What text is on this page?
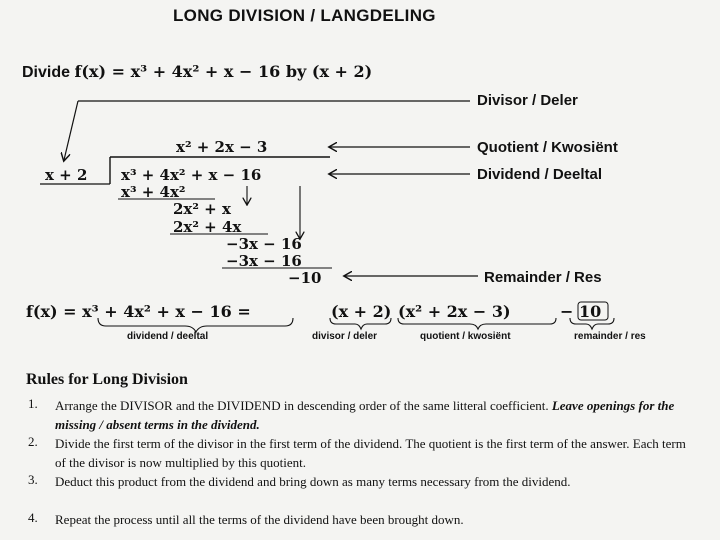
LONG DIVISION / LANGDELING
Divide f(x) = x³ + 4x² + x − 16 by (x + 2)
Divisor / Deler
Quotient / Kwosiënt
Dividend / Deeltal
Remainder / Res
x² + 2x − 3
x + 2 x³ + 4x² + x − 16
x³ + 4x²
2x² + x
2x² + 4x
−3x − 16
−3x − 16
−10
f(x) = x³ + 4x² + x − 16 =	(x + 2) (x² + 2x − 3)	− 10
dividend / deeltal	divisor / deler	quotient / kwosiënt	remainder / res
Rules for Long Division
1.	Arrange the DIVISOR and the DIVIDEND in descending order of the same litteral coefficient. Leave openings for the missing / absent terms in the dividend.
2.	Divide the first term of the divisor in the first term of the dividend. The quotient is the first term of the answer. Each term of the divisor is now multiplied by this quotient.
3.	Deduct this product from the dividend and bring down as many terms necessary from the dividend.
4.	Repeat the process until all the terms of the dividend have been brought down.
